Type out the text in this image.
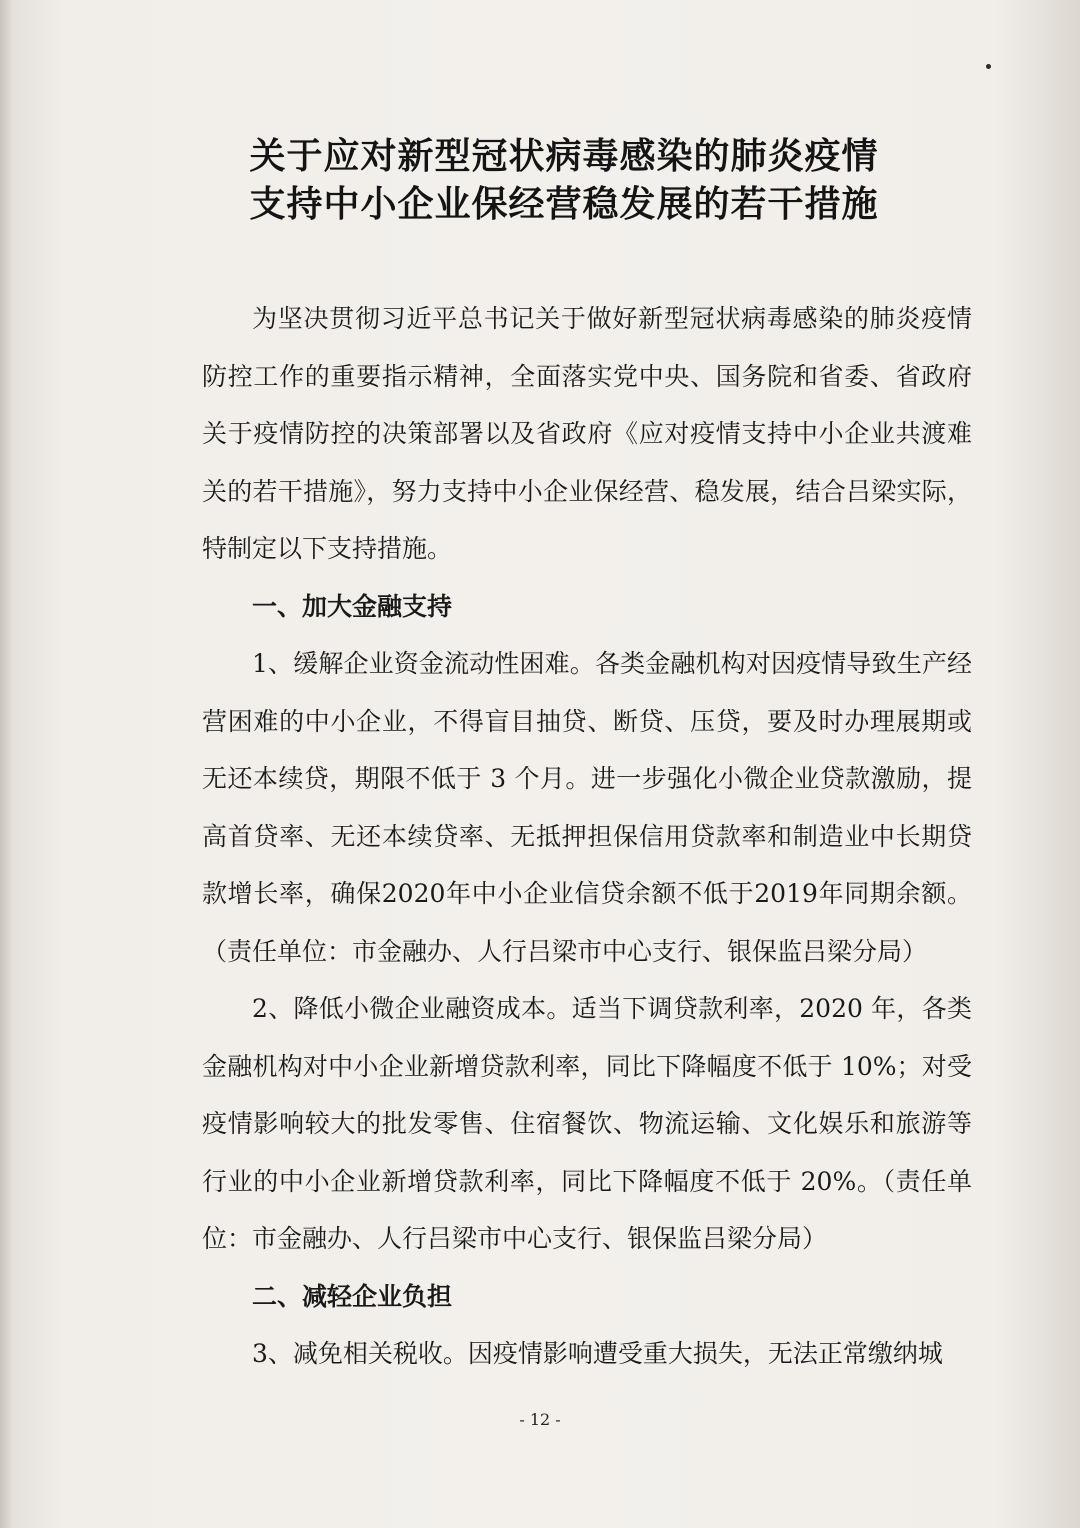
关于应对新型冠状病毒感染的肺炎疫情
支持中小企业保经营稳发展的若干措施

为坚决贯彻习近平总书记关于做好新型冠状病毒感染的肺炎疫情防控工作的重要指示精神，全面落实党中央、国务院和省委、省政府关于疫情防控的决策部署以及省政府《应对疫情支持中小企业共渡难关的若干措施》，努力支持中小企业保经营、稳发展，结合吕梁实际，特制定以下支持措施。

一、加大金融支持

1、缓解企业资金流动性困难。各类金融机构对因疫情导致生产经营困难的中小企业，不得盲目抽贷、断贷、压贷，要及时办理展期或无还本续贷，期限不低于 3 个月。进一步强化小微企业贷款激励，提高首贷率、无还本续贷率、无抵押担保信用贷款率和制造业中长期贷款增长率，确保2020年中小企业信贷余额不低于2019年同期余额。（责任单位：市金融办、人行吕梁市中心支行、银保监吕梁分局）

2、降低小微企业融资成本。适当下调贷款利率，2020 年，各类金融机构对中小企业新增贷款利率，同比下降幅度不低于 10%；对受疫情影响较大的批发零售、住宿餐饮、物流运输、文化娱乐和旅游等行业的中小企业新增贷款利率，同比下降幅度不低于 20%。（责任单位：市金融办、人行吕梁市中心支行、银保监吕梁分局）

二、减轻企业负担

3、减免相关税收。因疫情影响遭受重大损失，无法正常缴纳城

- 12 -
